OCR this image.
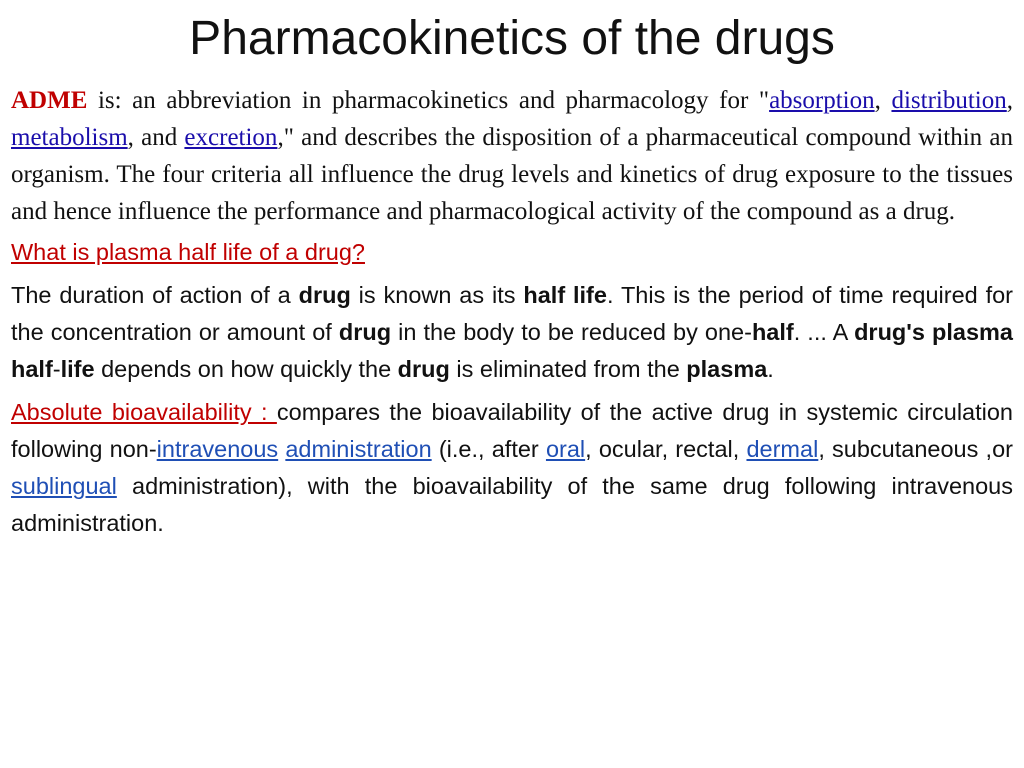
Pharmacokinetics of the drugs

ADME is: an abbreviation in pharmacokinetics and pharmacology for "absorption, distribution, metabolism, and excretion," and describes the disposition of a pharmaceutical compound within an organism. The four criteria all influence the drug levels and kinetics of drug exposure to the tissues and hence influence the performance and pharmacological activity of the compound as a drug.

What is plasma half life of a drug?

The duration of action of a drug is known as its half life. This is the period of time required for the concentration or amount of drug in the body to be reduced by one-half. ... A drug's plasma half-life depends on how quickly the drug is eliminated from the plasma.

Absolute bioavailability : compares the bioavailability of the active drug in systemic circulation following non-intravenous administration (i.e., after oral, ocular, rectal, dermal, subcutaneous ,or sublingual administration), with the bioavailability of the same drug following intravenous administration.
